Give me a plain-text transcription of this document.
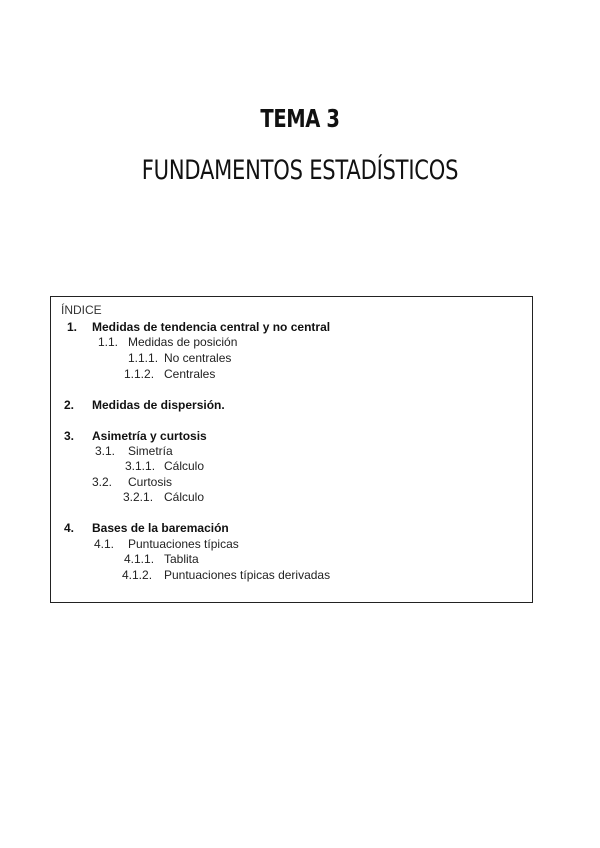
TEMA 3
FUNDAMENTOS ESTADÍSTICOS
ÍNDICE
1. Medidas de tendencia central y no central
1.1. Medidas de posición
1.1.1. No centrales
1.1.2. Centrales
2. Medidas de dispersión.
3. Asimetría y curtosis
3.1. Simetría
3.1.1. Cálculo
3.2. Curtosis
3.2.1. Cálculo
4. Bases de la baremación
4.1. Puntuaciones típicas
4.1.1. Tablita
4.1.2. Puntuaciones típicas derivadas
